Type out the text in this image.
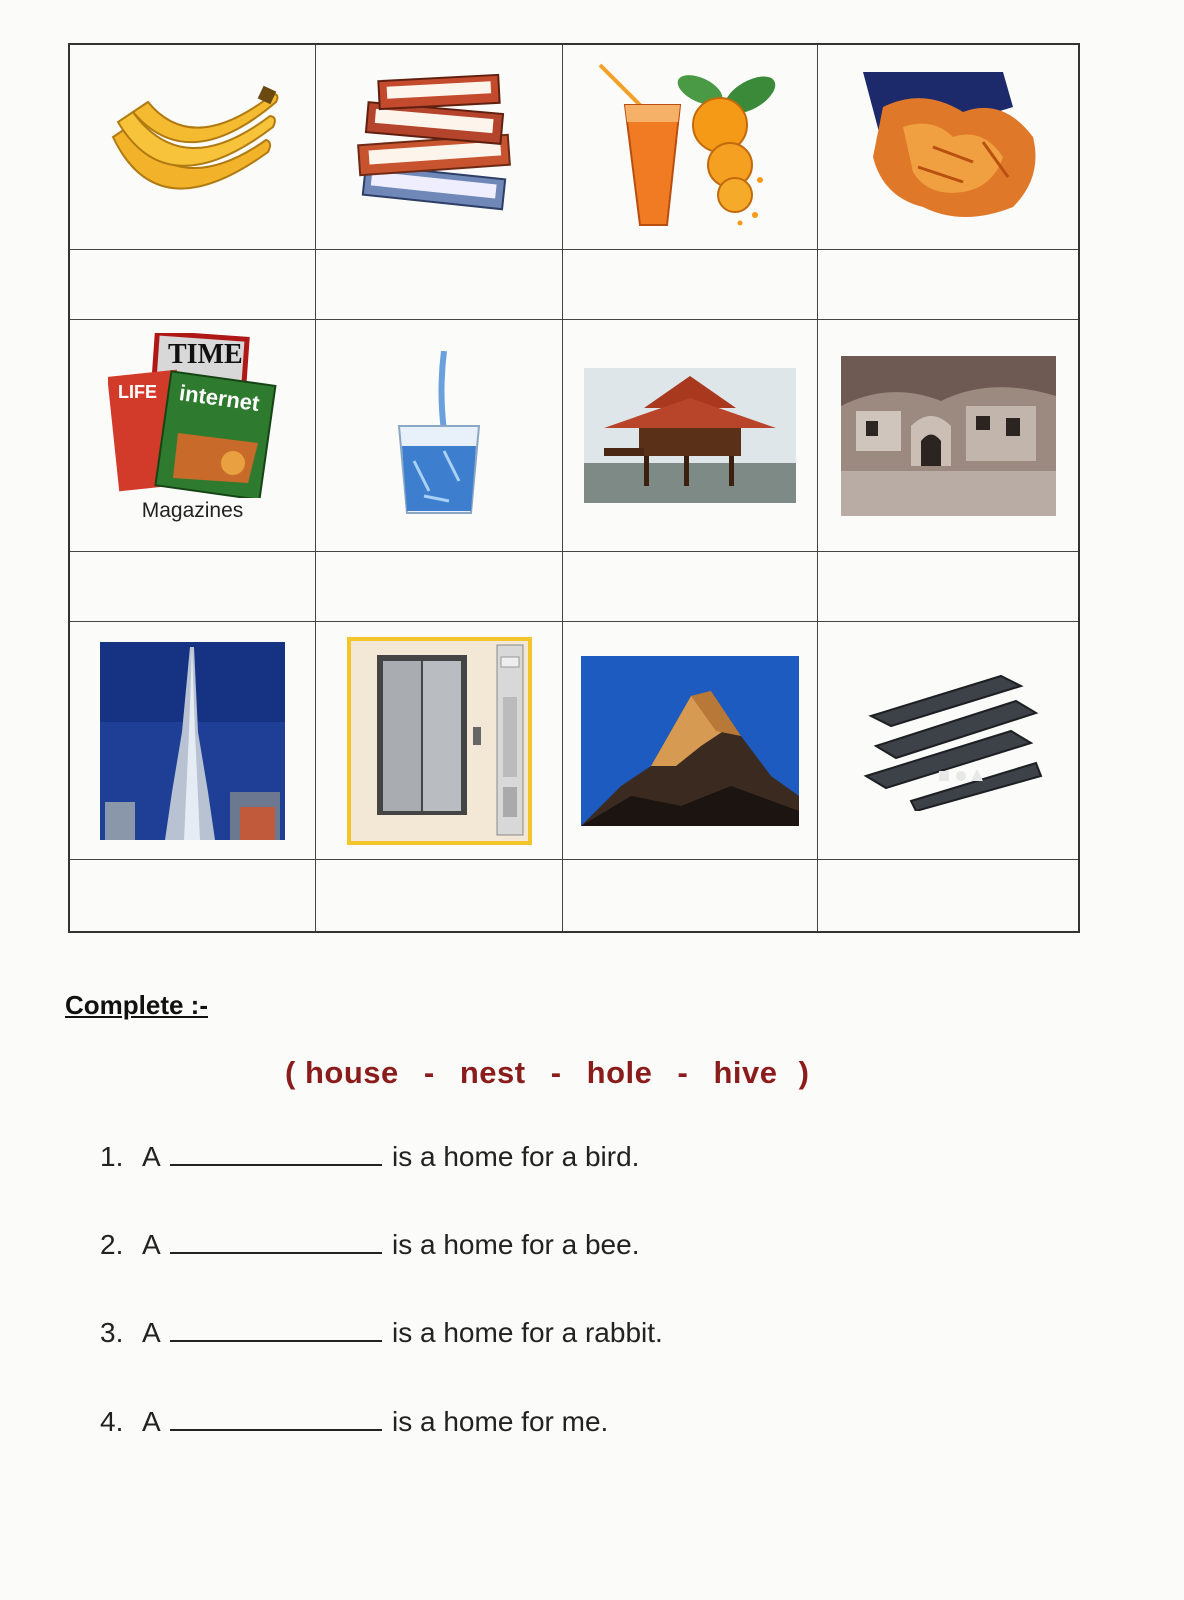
TIME
LIFE internet
Magazines
Complete :-
( house - nest - hole - hive )
1. A	is a home for a bird.
2. A	is a home for a bee.
3. A	is a home for a rabbit.
4. A	is a home for me.
